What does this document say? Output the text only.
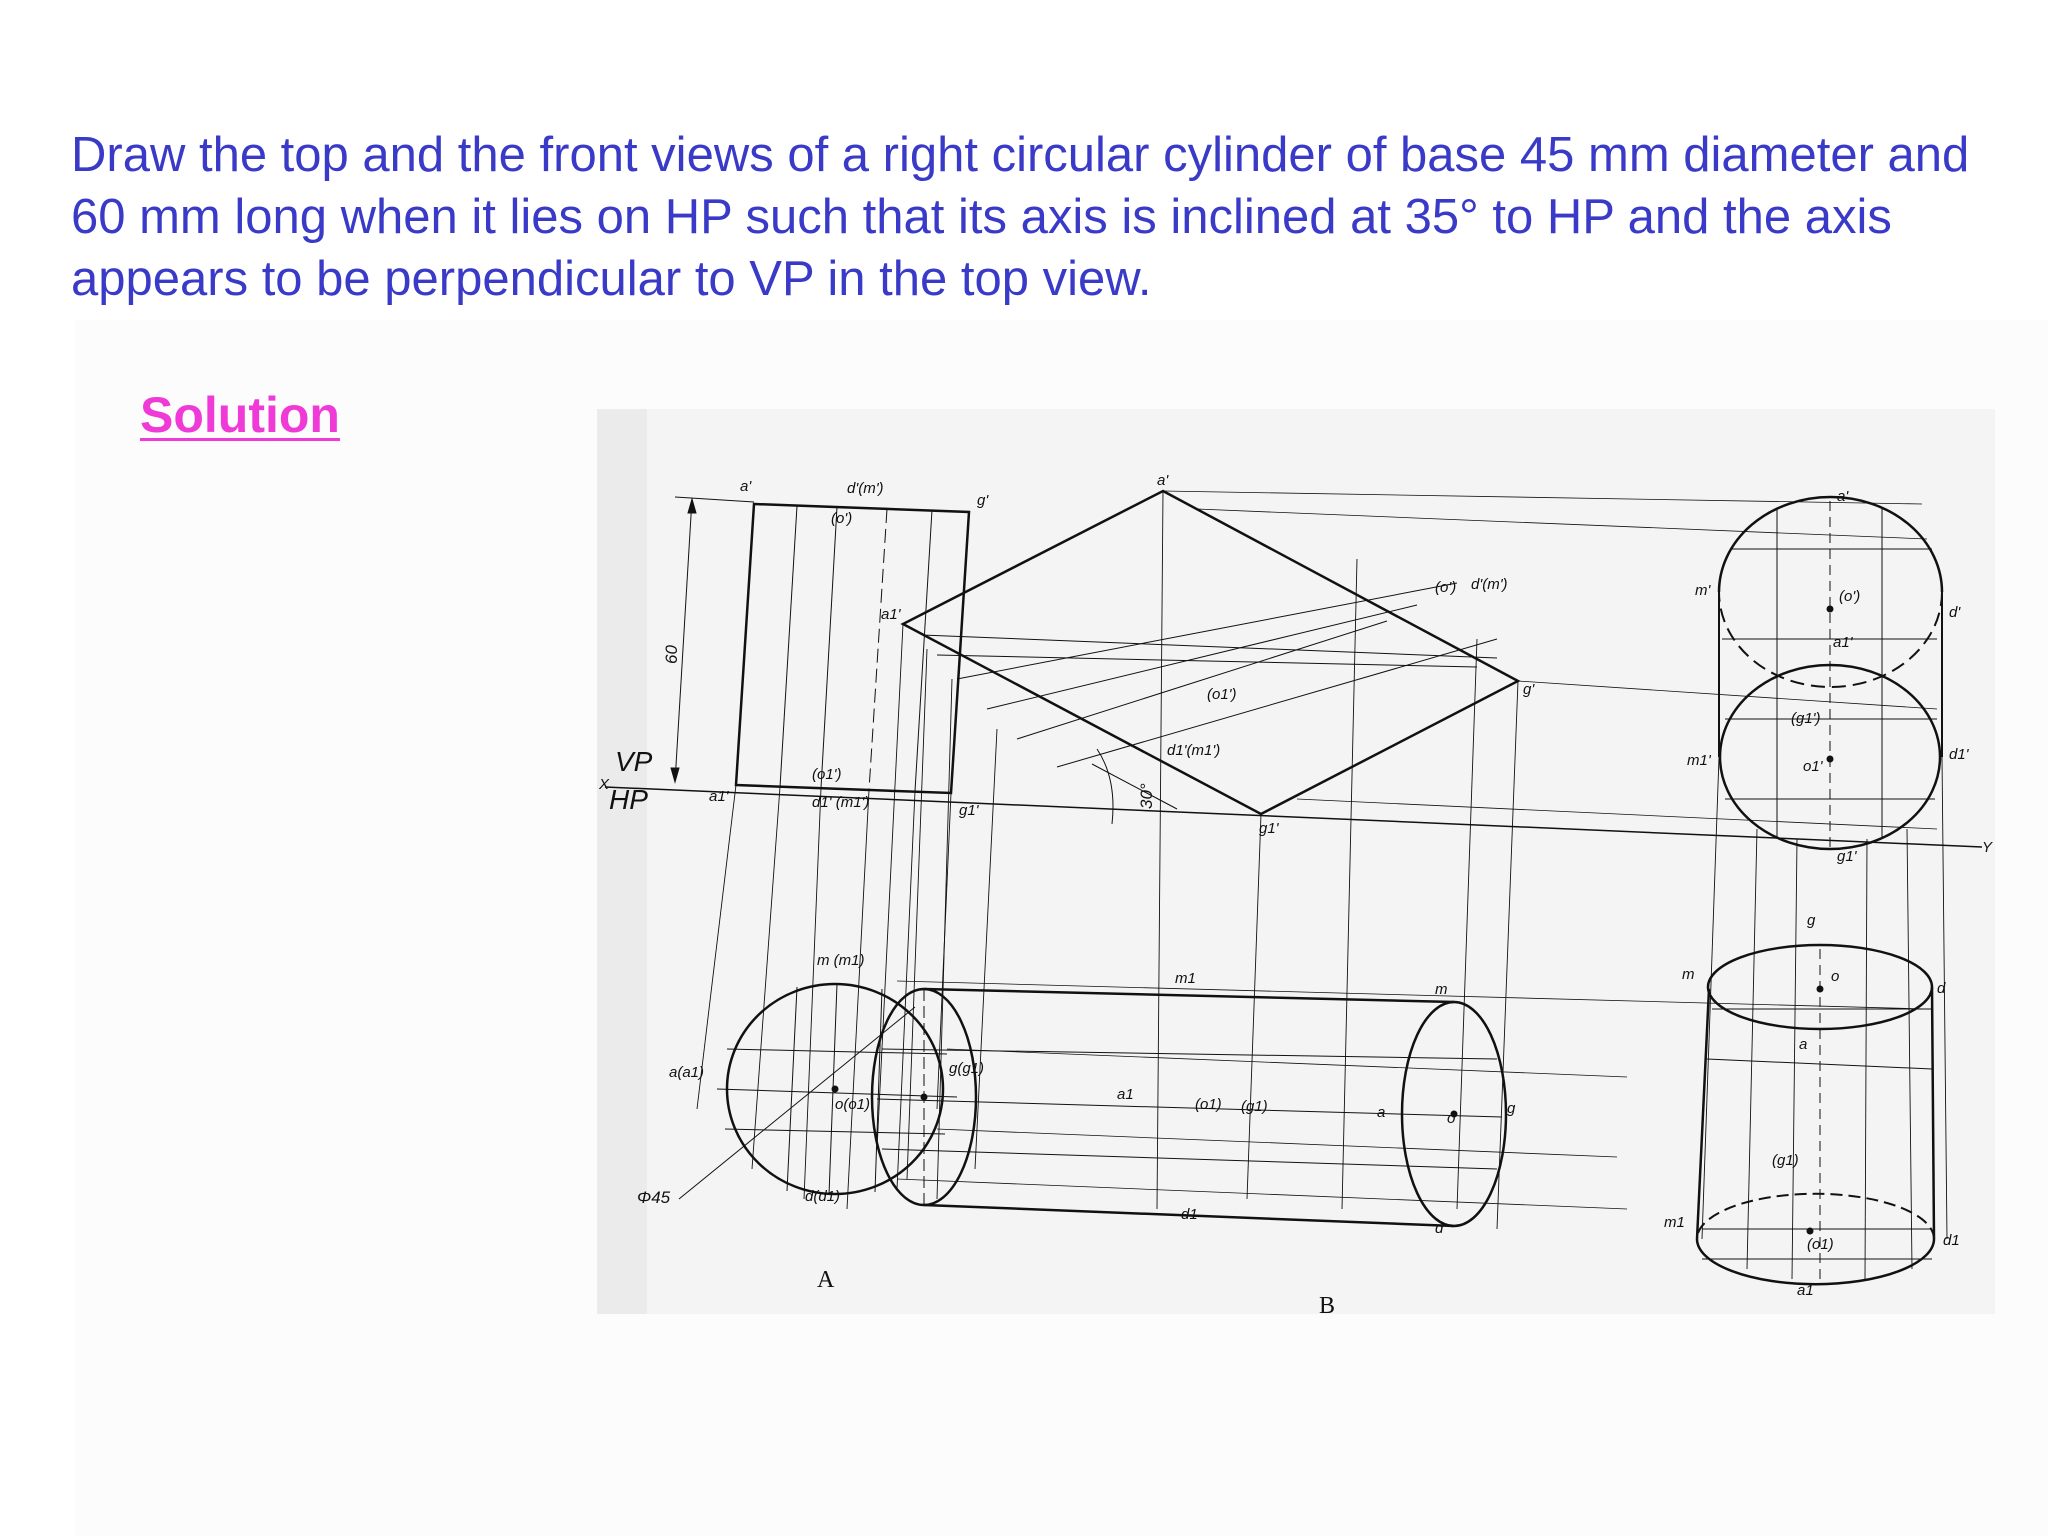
Draw the top and the front views of a right circular cylinder of base 45 mm diameter and 60 mm long when it lies on HP such that its axis is inclined at 35° to HP and the axis appears to be perpendicular to VP in the top view.

Solution

VP
HP
X
Y
60
Φ45
a'	d'(m')
(o')
g'
a1'
(o1')
d1' (m1')	g1'
m (m1)
a(a1)
o(o1)
g(g1)
d(d1)
A
30°
a'
(o') d'(m')
g'
a1'
(o1')
d1'(m1')
g1'
m1
m
a1
(o1) (g1)	a	o
g
d1
d
B
a'
m'	(o')
d'
a1'
(g1')
m1'	o1'
d1'
g1'
g
m	o
d
a
(g1)
m1
(o1)	d1
a1
